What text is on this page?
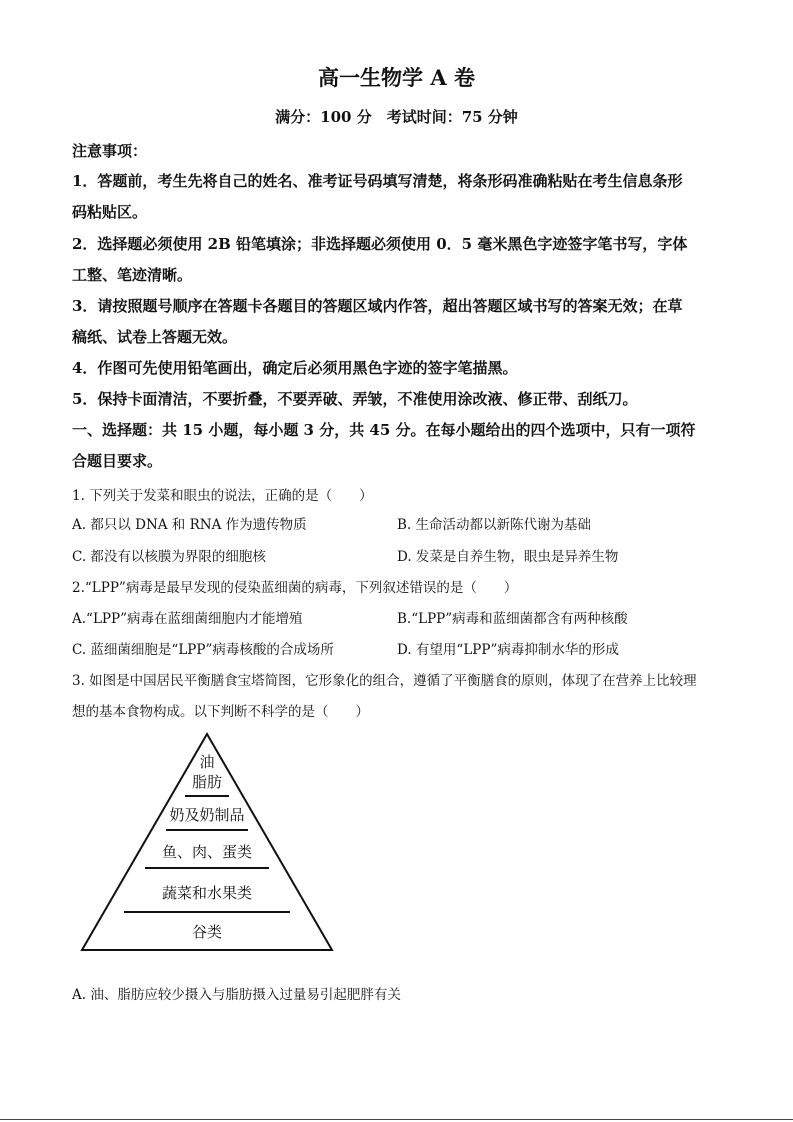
高一生物学 A 卷
满分：100 分　考试时间：75 分钟
注意事项：
1．答题前，考生先将自己的姓名、准考证号码填写清楚，将条形码准确粘贴在考生信息条形
码粘贴区。
2．选择题必须使用 2B 铅笔填涂；非选择题必须使用 0．5 毫米黑色字迹签字笔书写，字体
工整、笔迹清晰。
3．请按照题号顺序在答题卡各题目的答题区域内作答，超出答题区域书写的答案无效；在草
稿纸、试卷上答题无效。
4．作图可先使用铅笔画出，确定后必须用黑色字迹的签字笔描黑。
5．保持卡面清洁，不要折叠，不要弄破、弄皱，不准使用涂改液、修正带、刮纸刀。
一、选择题：共 15 小题，每小题 3 分，共 45 分。在每小题给出的四个选项中，只有一项符
合题目要求。
1. 下列关于发菜和眼虫的说法，正确的是（　　）
A. 都只以 DNA 和 RNA 作为遗传物质	B. 生命活动都以新陈代谢为基础
C. 都没有以核膜为界限的细胞核	D. 发菜是自养生物，眼虫是异养生物
2.“LPP”病毒是最早发现的侵染蓝细菌的病毒，下列叙述错误的是（　　）
A.“LPP”病毒在蓝细菌细胞内才能增殖	B.“LPP”病毒和蓝细菌都含有两种核酸
C. 蓝细菌细胞是“LPP”病毒核酸的合成场所	D. 有望用“LPP”病毒抑制水华的形成
3. 如图是中国居民平衡膳食宝塔简图，它形象化的组合，遵循了平衡膳食的原则，体现了在营养上比较理
想的基本食物构成。以下判断不科学的是（　　）
油
脂肪
奶及奶制品
鱼、肉、蛋类
蔬菜和水果类
谷类
A. 油、脂肪应较少摄入与脂肪摄入过量易引起肥胖有关
